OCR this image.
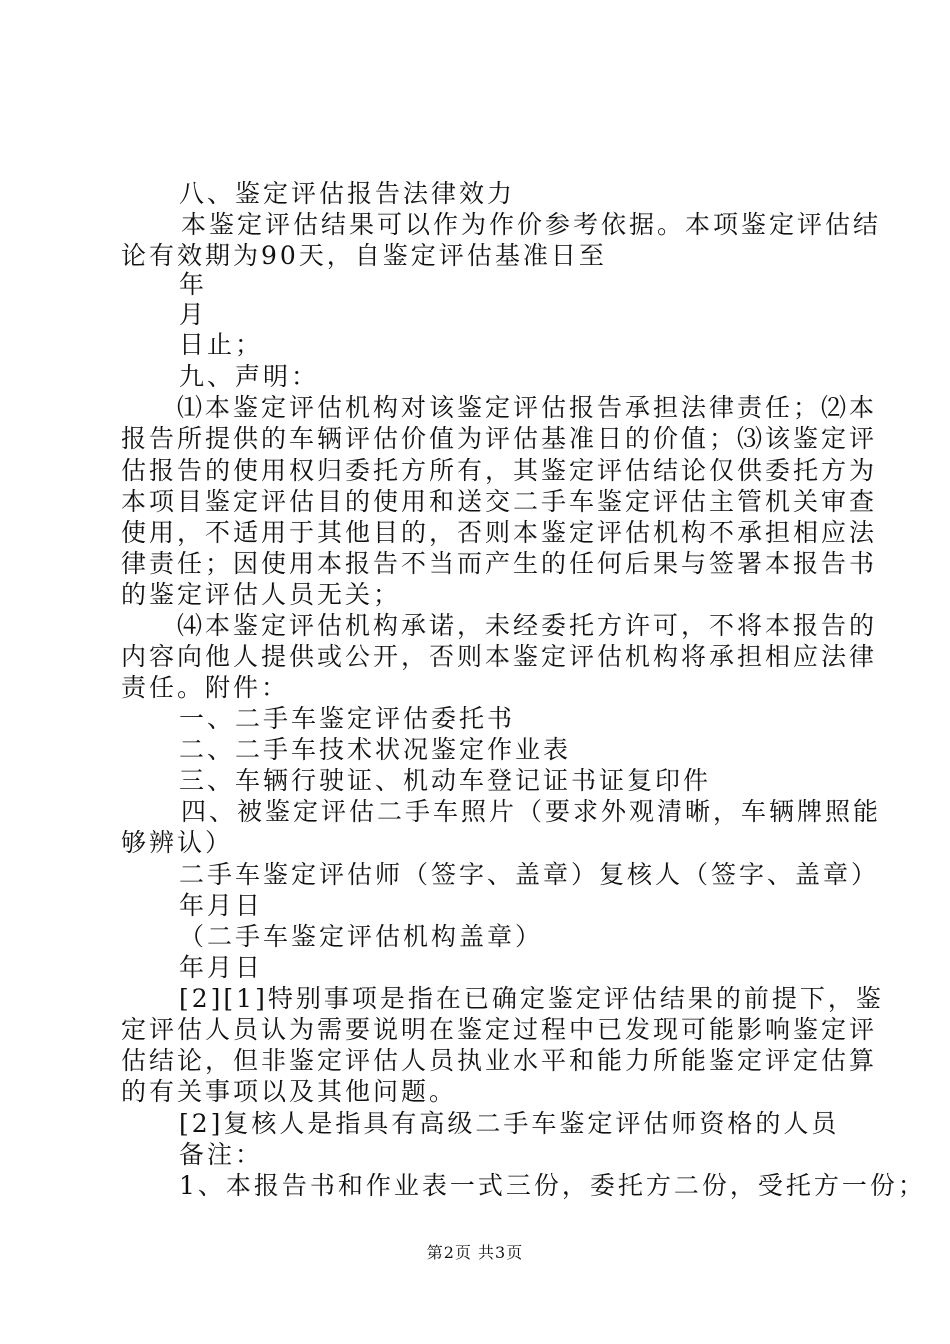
八、鉴定评估报告法律效力
本鉴定评估结果可以作为作价参考依据。本项鉴定评估结
论有效期为90天，自鉴定评估基准日至
年
月
日止；
九、声明：
⑴本鉴定评估机构对该鉴定评估报告承担法律责任；⑵本
报告所提供的车辆评估价值为评估基准日的价值；⑶该鉴定评
估报告的使用权归委托方所有，其鉴定评估结论仅供委托方为
本项目鉴定评估目的使用和送交二手车鉴定评估主管机关审查
使用，不适用于其他目的，否则本鉴定评估机构不承担相应法
律责任；因使用本报告不当而产生的任何后果与签署本报告书
的鉴定评估人员无关；
⑷本鉴定评估机构承诺，未经委托方许可，不将本报告的
内容向他人提供或公开，否则本鉴定评估机构将承担相应法律
责任。附件：
一、二手车鉴定评估委托书
二、二手车技术状况鉴定作业表
三、车辆行驶证、机动车登记证书证复印件
四、被鉴定评估二手车照片（要求外观清晰，车辆牌照能
够辨认）
二手车鉴定评估师（签字、盖章）复核人（签字、盖章）
年月日
（二手车鉴定评估机构盖章）
年月日
[2][1]特别事项是指在已确定鉴定评估结果的前提下，鉴
定评估人员认为需要说明在鉴定过程中已发现可能影响鉴定评
估结论，但非鉴定评估人员执业水平和能力所能鉴定评定估算
的有关事项以及其他问题。
[2]复核人是指具有高级二手车鉴定评估师资格的人员
备注：
1、本报告书和作业表一式三份，委托方二份，受托方一份；
第2页 共3页
